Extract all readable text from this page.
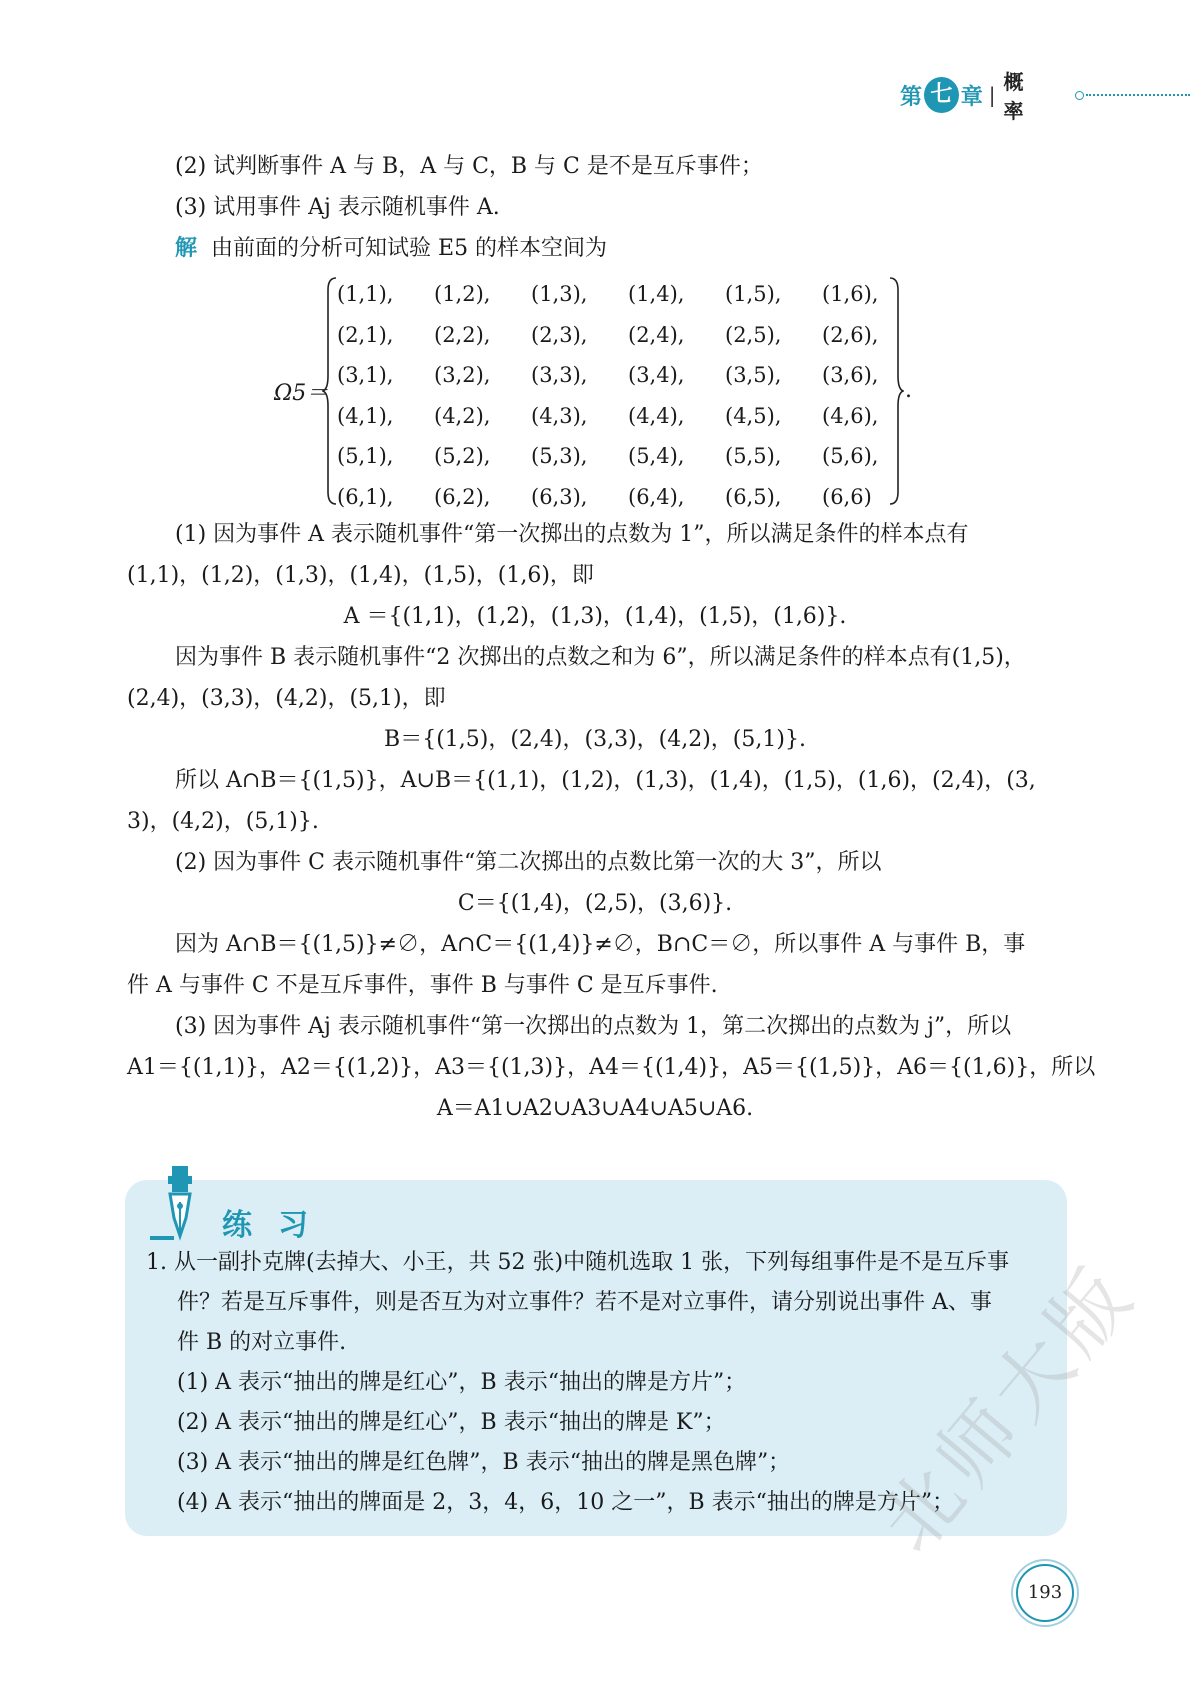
第 七 章 |
概率
(2) 试判断事件 A 与 B，A 与 C，B 与 C 是不是互斥事件；
(3) 试用事件 Aj 表示随机事件 A.
解 由前面的分析可知试验 E5 的样本空间为
Ω5＝
(1,1),	(1,2),	(1,3),	(1,4),	(1,5),	(1,6),
(2,1),	(2,2),	(2,3),	(2,4),	(2,5),	(2,6),
(3,1),	(3,2),	(3,3),	(3,4),	(3,5),	(3,6),
(4,1),	(4,2),	(4,3),	(4,4),	(4,5),	(4,6),
(5,1),	(5,2),	(5,3),	(5,4),	(5,5),	(5,6),
(6,1),	(6,2),	(6,3),	(6,4),	(6,5),	(6,6)
.
(1) 因为事件 A 表示随机事件“第一次掷出的点数为 1”，所以满足条件的样本点有
(1,1)，(1,2)，(1,3)，(1,4)，(1,5)，(1,6)，即
A ＝{(1,1)，(1,2)，(1,3)，(1,4)，(1,5)，(1,6)}.
因为事件 B 表示随机事件“2 次掷出的点数之和为 6”，所以满足条件的样本点有(1,5)，
(2,4)，(3,3)，(4,2)，(5,1)，即
B＝{(1,5)，(2,4)，(3,3)，(4,2)，(5,1)}.
所以 A∩B＝{(1,5)}，A∪B＝{(1,1)，(1,2)，(1,3)，(1,4)，(1,5)，(1,6)，(2,4)，(3,
3)，(4,2)，(5,1)}.
(2) 因为事件 C 表示随机事件“第二次掷出的点数比第一次的大 3”，所以
C＝{(1,4)，(2,5)，(3,6)}.
因为 A∩B＝{(1,5)}≠∅，A∩C＝{(1,4)}≠∅，B∩C＝∅，所以事件 A 与事件 B，事
件 A 与事件 C 不是互斥事件，事件 B 与事件 C 是互斥事件.
(3) 因为事件 Aj 表示随机事件“第一次掷出的点数为 1，第二次掷出的点数为 j”，所以
A1＝{(1,1)}，A2＝{(1,2)}，A3＝{(1,3)}，A4＝{(1,4)}，A5＝{(1,5)}，A6＝{(1,6)}，所以
A＝A1∪A2∪A3∪A4∪A5∪A6.
练习
1. 从一副扑克牌(去掉大、小王，共 52 张)中随机选取 1 张，下列每组事件是不是互斥事
件？若是互斥事件，则是否互为对立事件？若不是对立事件，请分别说出事件 A、事
件 B 的对立事件.
(1) A 表示“抽出的牌是红心”，B 表示“抽出的牌是方片”；
(2) A 表示“抽出的牌是红心”，B 表示“抽出的牌是 K”；
(3) A 表示“抽出的牌是红色牌”，B 表示“抽出的牌是黑色牌”；
(4) A 表示“抽出的牌面是 2，3，4，6，10 之一”，B 表示“抽出的牌是方片”；
北师大版
193
